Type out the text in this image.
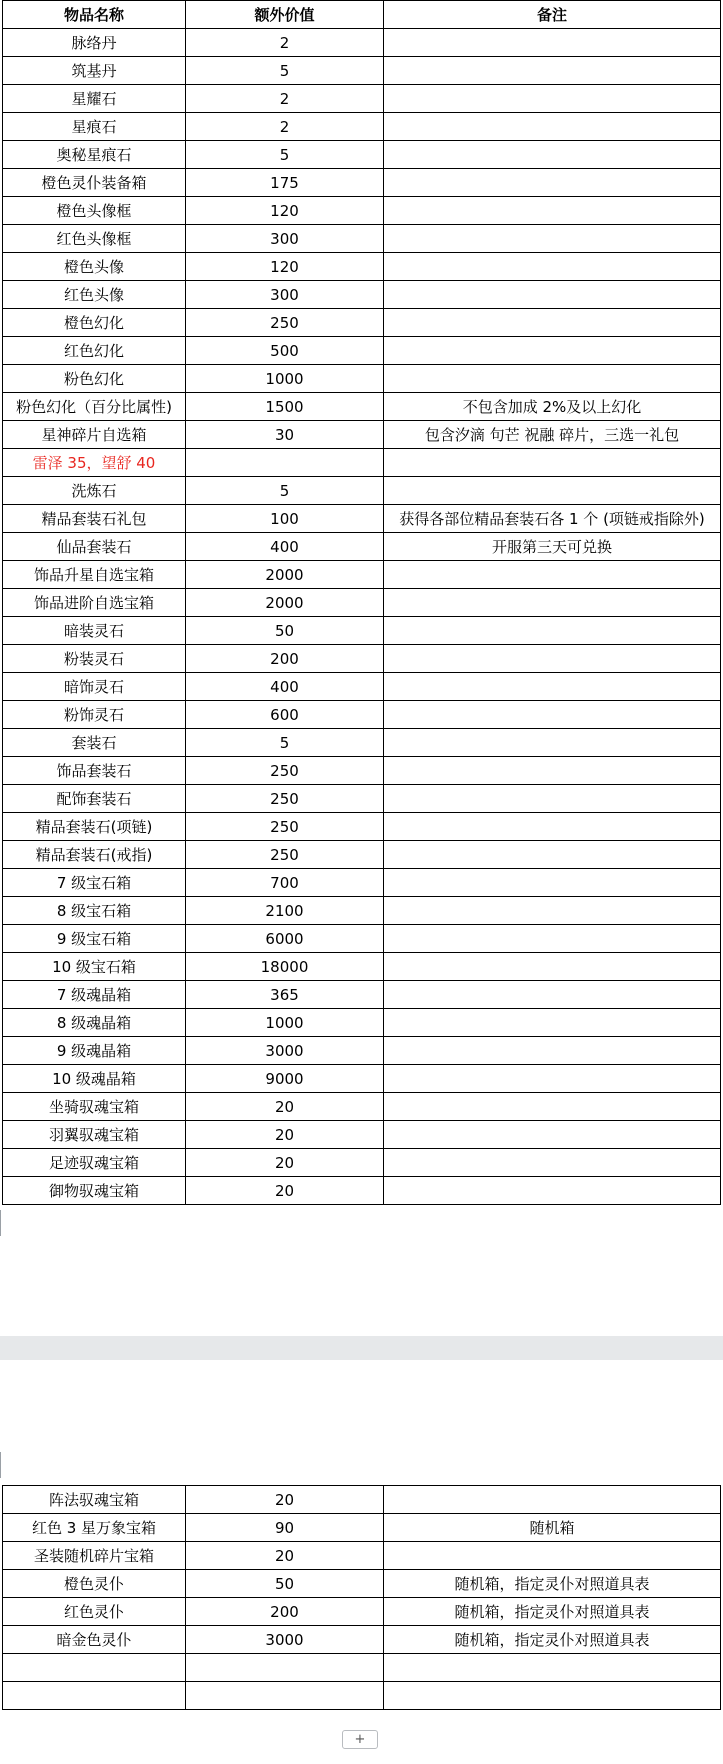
物品名称	额外价值	备注
脉络丹	2	
筑基丹	5	
星耀石	2	
星痕石	2	
奥秘星痕石	5	
橙色灵仆装备箱	175	
橙色头像框	120	
红色头像框	300	
橙色头像	120	
红色头像	300	
橙色幻化	250	
红色幻化	500	
粉色幻化	1000	
粉色幻化（百分比属性)	1500	不包含加成 2%及以上幻化
星神碎片自选箱	30	包含汐滴 句芒 祝融 碎片，三选一礼包
雷泽 35，望舒 40		
洗炼石	5	
精品套装石礼包	100	获得各部位精品套装石各 1 个 (项链戒指除外)
仙品套装石	400	开服第三天可兑换
饰品升星自选宝箱	2000	
饰品进阶自选宝箱	2000	
暗装灵石	50	
粉装灵石	200	
暗饰灵石	400	
粉饰灵石	600	
套装石	5	
饰品套装石	250	
配饰套装石	250	
精品套装石(项链)	250	
精品套装石(戒指)	250	
7 级宝石箱	700	
8 级宝石箱	2100	
9 级宝石箱	6000	
10 级宝石箱	18000	
7 级魂晶箱	365	
8 级魂晶箱	1000	
9 级魂晶箱	3000	
10 级魂晶箱	9000	
坐骑驭魂宝箱	20	
羽翼驭魂宝箱	20	
足迹驭魂宝箱	20	
御物驭魂宝箱	20	
阵法驭魂宝箱	20	
红色 3 星万象宝箱	90	随机箱
圣装随机碎片宝箱	20	
橙色灵仆	50	随机箱，指定灵仆对照道具表
红色灵仆	200	随机箱，指定灵仆对照道具表
暗金色灵仆	3000	随机箱，指定灵仆对照道具表

+
